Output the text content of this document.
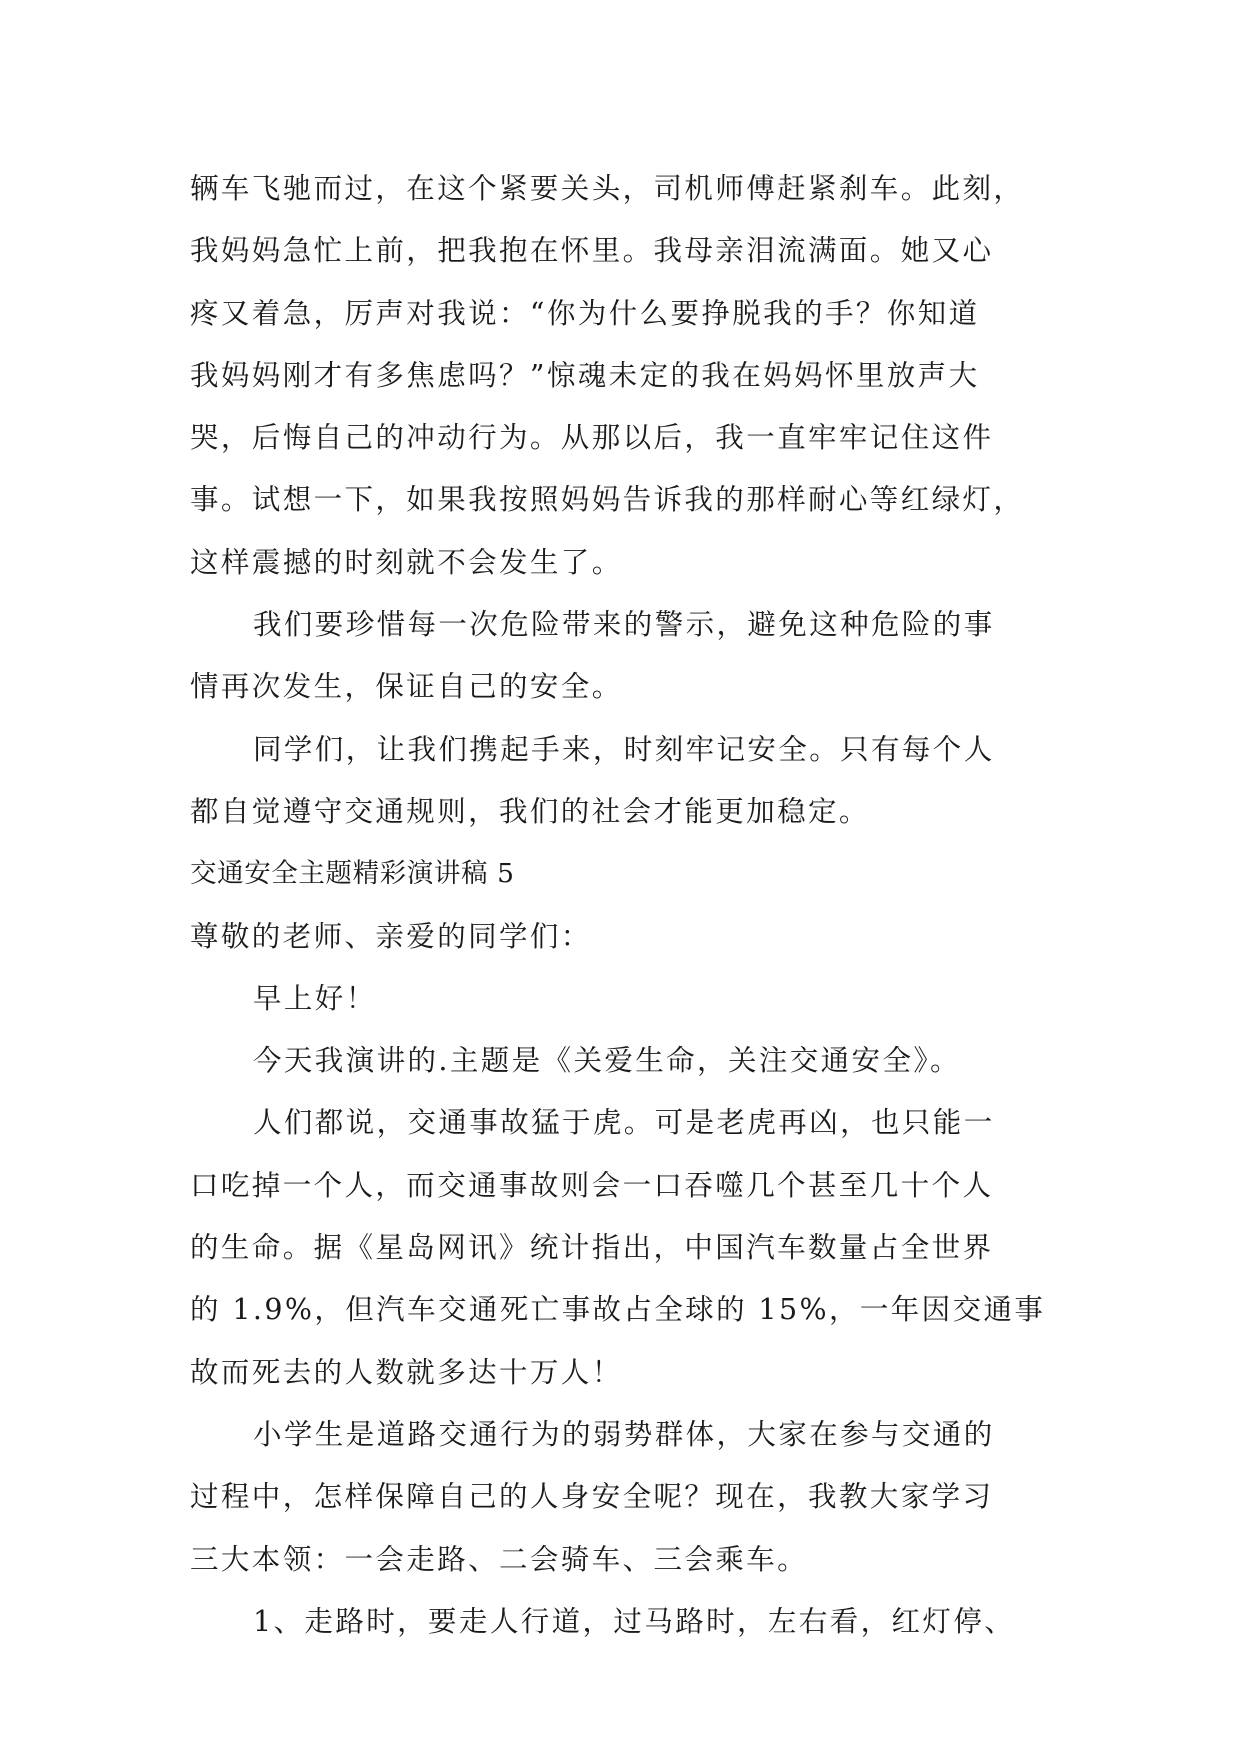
辆车飞驰而过，在这个紧要关头，司机师傅赶紧刹车。此刻，
我妈妈急忙上前，把我抱在怀里。我母亲泪流满面。她又心
疼又着急，厉声对我说：“你为什么要挣脱我的手？你知道
我妈妈刚才有多焦虑吗？”惊魂未定的我在妈妈怀里放声大
哭，后悔自己的冲动行为。从那以后，我一直牢牢记住这件
事。试想一下，如果我按照妈妈告诉我的那样耐心等红绿灯，
这样震撼的时刻就不会发生了。
我们要珍惜每一次危险带来的警示，避免这种危险的事
情再次发生，保证自己的安全。
同学们，让我们携起手来，时刻牢记安全。只有每个人
都自觉遵守交通规则，我们的社会才能更加稳定。
交通安全主题精彩演讲稿 5
尊敬的老师、亲爱的同学们：
早上好！
今天我演讲的.主题是《关爱生命，关注交通安全》。
人们都说，交通事故猛于虎。可是老虎再凶，也只能一
口吃掉一个人，而交通事故则会一口吞噬几个甚至几十个人
的生命。据《星岛网讯》统计指出，中国汽车数量占全世界
的 1.9%，但汽车交通死亡事故占全球的 15%，一年因交通事
故而死去的人数就多达十万人！
小学生是道路交通行为的弱势群体，大家在参与交通的
过程中，怎样保障自己的人身安全呢？现在，我教大家学习
三大本领：一会走路、二会骑车、三会乘车。
1、走路时，要走人行道，过马路时，左右看，红灯停、
